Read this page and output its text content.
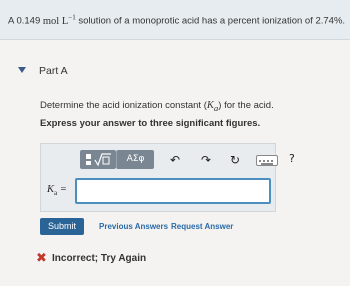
A 0.149 mol $L^{-1}$ solution of a monoprotic acid has a percent ionization of 2.74%.
Part A
Determine the acid ionization constant $(K_a)$ for the acid.
Express your answer to three significant figures.
ΑΣφ	↶ ↷ ↻	?
$K_a$ =
Submit	Previous Answers Request Answer
✖ Incorrect; Try Again
